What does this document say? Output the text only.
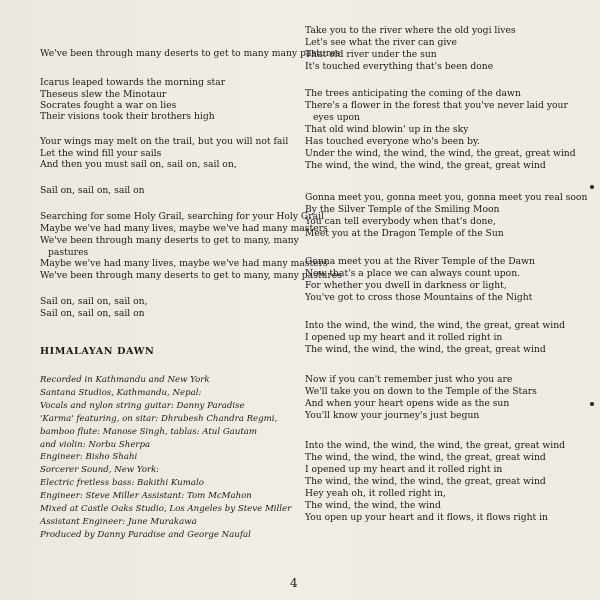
We've been through many deserts to get to many many pastures
Icarus leaped towards the morning star
Theseus slew the Minotaur
Socrates fought a war on lies
Their visions took their brothers high
Your wings may melt on the trail, but you will not fail
Let the wind fill your sails
And then you must sail on, sail on, sail on,
Sail on, sail on, sail on
Searching for some Holy Grail, searching for your Holy Grail
Maybe we've had many lives, maybe we've had many masters
We've been through many deserts to get to many, many
pastures
Maybe we've had many lives, maybe we've had many masters
We've been through many deserts to get to many, many pastures
Sail on, sail on, sail on,
Sail on, sail on, sail on
HIMALAYAN DAWN
Recorded in Kathmandu and New York
Santana Studios, Kathmandu, Nepal:
Vocals and nylon string guitar: Danny Paradise
'Karma' featuring, on sitar: Dhrubesh Chandra Regmi,
bamboo flute: Manose Singh, tablas: Atul Gautam
and violin: Norbu Sherpa
Engineer: Bisho Shahi
Sorcerer Sound, New York:
Electric fretless bass: Bakithi Kumalo
Engineer: Steve Miller Assistant: Tom McMahon
Mixed at Castle Oaks Studio, Los Angeles by Steve Miller
Assistant Engineer: June Murakawa
Produced by Danny Paradise and George Naufal
Take you to the river where the old yogi lives
Let's see what the river can give
That old river under the sun
It's touched everything that's been done
The trees anticipating the coming of the dawn
There's a flower in the forest that you've never laid your
eyes upon
That old wind blowin' up in the sky
Has touched everyone who's been by.
Under the wind, the wind, the wind, the great, great wind
The wind, the wind, the wind, the great, great wind
Gonna meet you, gonna meet you, gonna meet you real soon
By the Silver Temple of the Smiling Moon
You can tell everybody when that's done,
Meet you at the Dragon Temple of the Sun
Gonna meet you at the River Temple of the Dawn
Now that's a place we can always count upon.
For whether you dwell in darkness or light,
You've got to cross those Mountains of the Night
Into the wind, the wind, the wind, the great, great wind
I opened up my heart and it rolled right in
The wind, the wind, the wind, the great, great wind
Now if you can't remember just who you are
We'll take you on down to the Temple of the Stars
And when your heart opens wide as the sun
You'll know your journey's just begun
Into the wind, the wind, the wind, the great, great wind
The wind, the wind, the wind, the great, great wind
I opened up my heart and it rolled right in
The wind, the wind, the wind, the great, great wind
Hey yeah oh, it rolled right in,
The wind, the wind, the wind
You open up your heart and it flows, it flows right in
4
